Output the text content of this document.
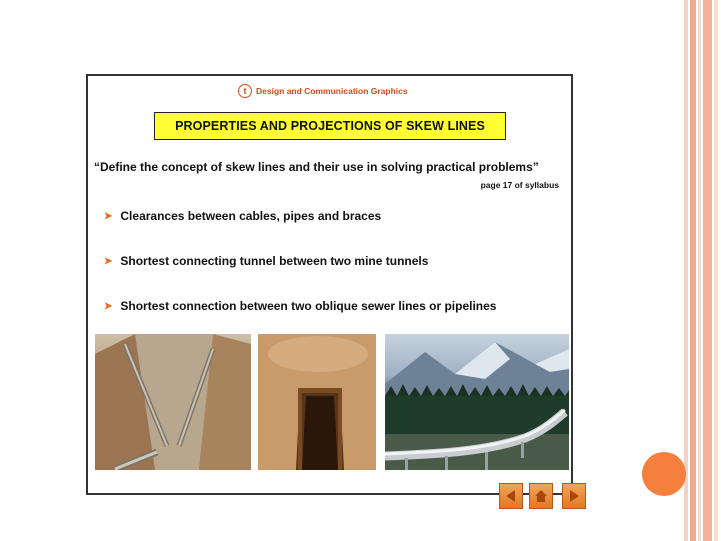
t	Design and Communication Graphics
PROPERTIES AND PROJECTIONS OF SKEW LINES
“Define the concept of skew lines and their use in solving practical problems”
page 17 of syllabus
➤ Clearances between cables, pipes and braces
➤ Shortest connecting tunnel between two mine tunnels
➤ Shortest connection between two oblique sewer lines or pipelines
